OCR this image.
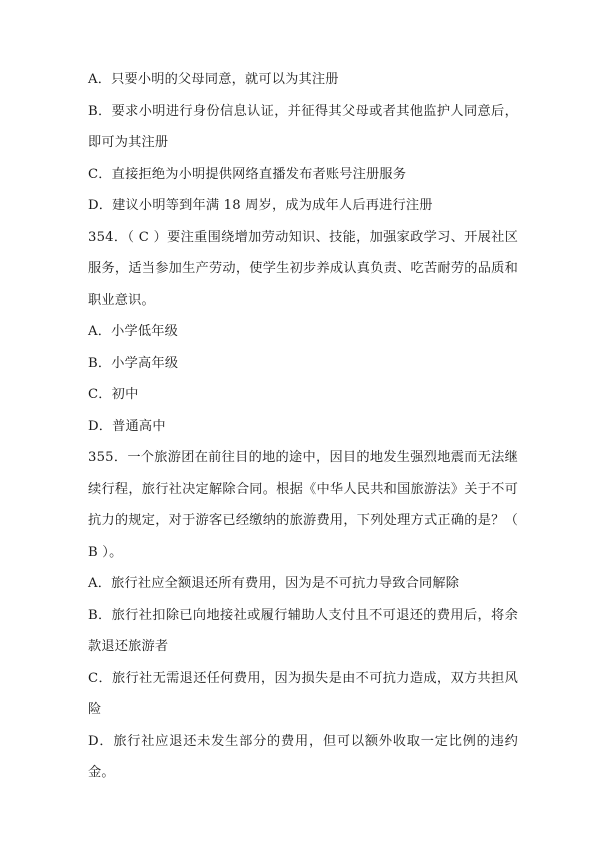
A．只要小明的父母同意，就可以为其注册

B．要求小明进行身份信息认证，并征得其父母或者其他监护人同意后，即可为其注册

C．直接拒绝为小明提供网络直播发布者账号注册服务

D．建议小明等到年满 18 周岁，成为成年人后再进行注册

354．（ C ）要注重围绕增加劳动知识、技能，加强家政学习、开展社区服务，适当参加生产劳动，使学生初步养成认真负责、吃苦耐劳的品质和职业意识。

A．小学低年级

B．小学高年级

C．初中

D．普通高中

355．一个旅游团在前往目的地的途中，因目的地发生强烈地震而无法继续行程，旅行社决定解除合同。根据《中华人民共和国旅游法》关于不可抗力的规定，对于游客已经缴纳的旅游费用，下列处理方式正确的是？（ B ）。

A．旅行社应全额退还所有费用，因为是不可抗力导致合同解除

B．旅行社扣除已向地接社或履行辅助人支付且不可退还的费用后，将余款退还旅游者

C．旅行社无需退还任何费用，因为损失是由不可抗力造成，双方共担风险

D．旅行社应退还未发生部分的费用，但可以额外收取一定比例的违约金。
